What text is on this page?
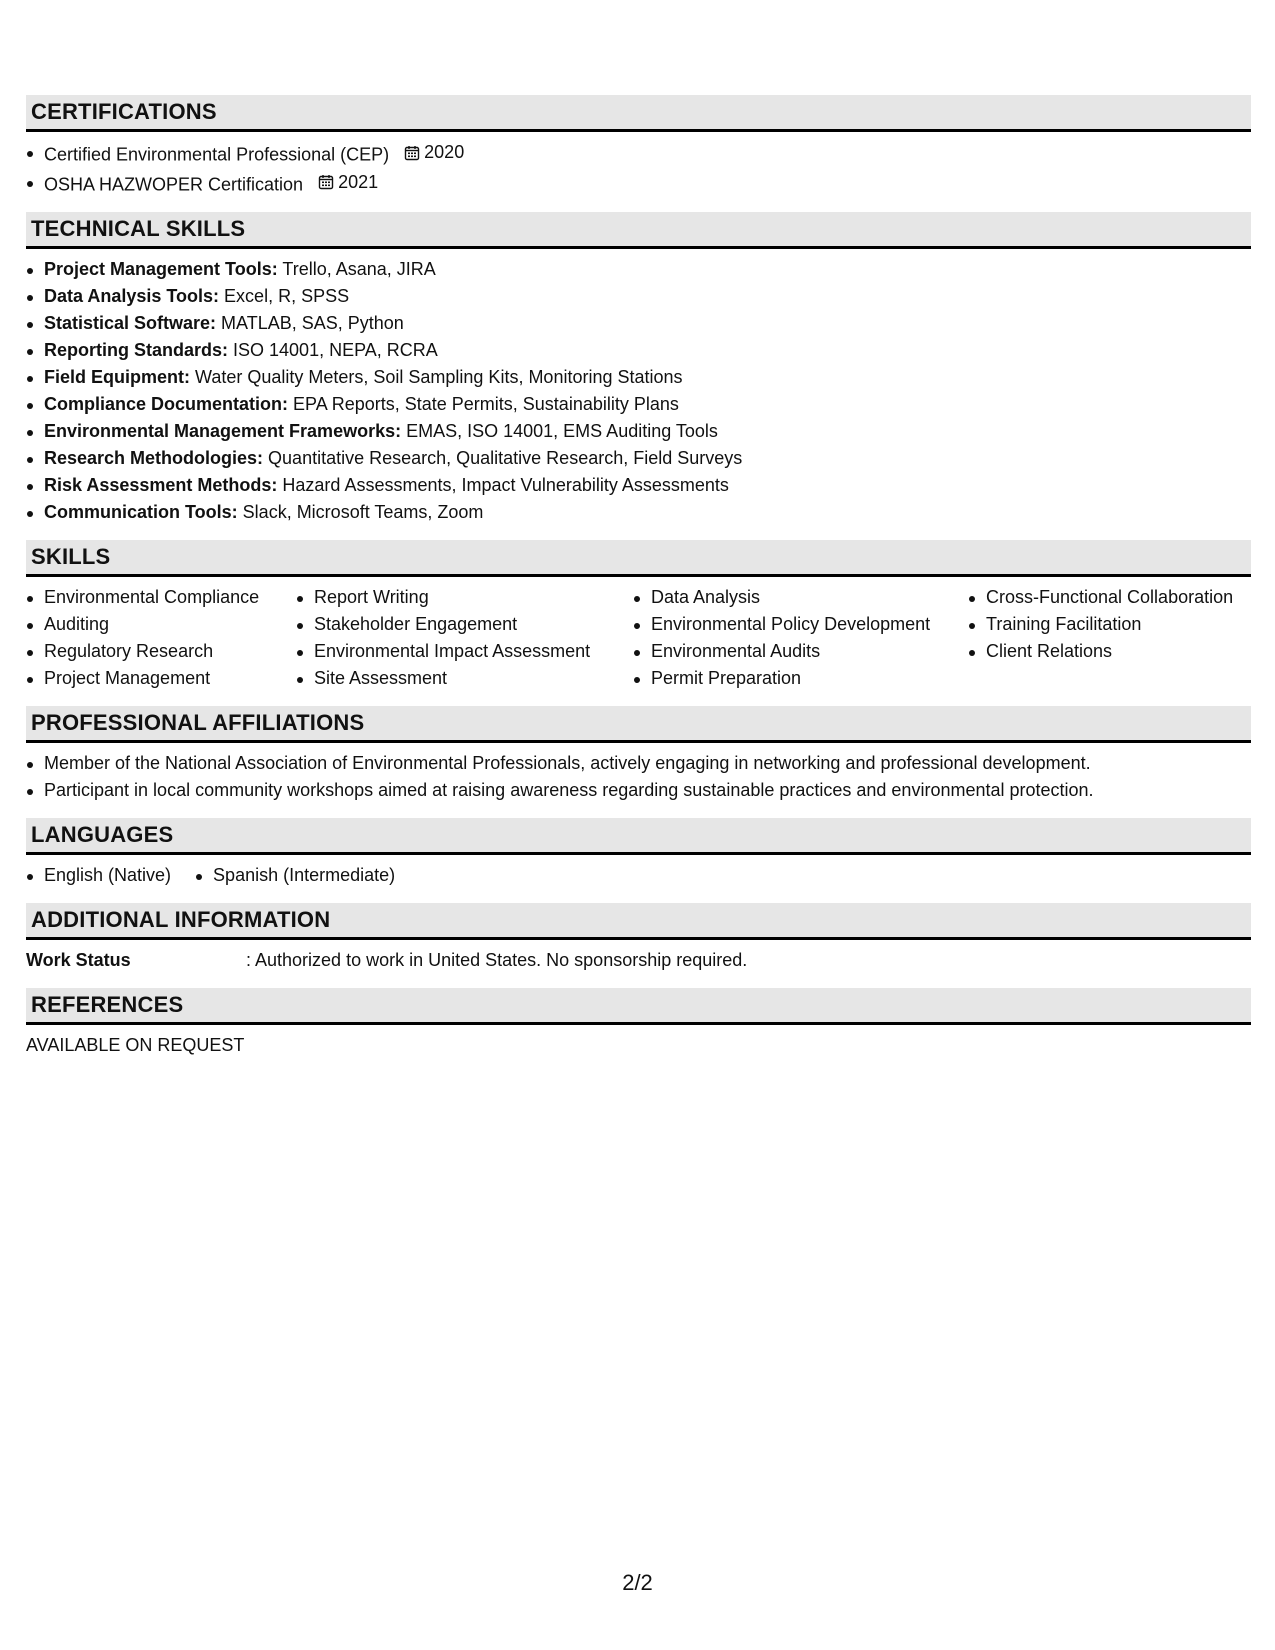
CERTIFICATIONS
Certified Environmental Professional (CEP) 2020
OSHA HAZWOPER Certification 2021
TECHNICAL SKILLS
Project Management Tools: Trello, Asana, JIRA
Data Analysis Tools: Excel, R, SPSS
Statistical Software: MATLAB, SAS, Python
Reporting Standards: ISO 14001, NEPA, RCRA
Field Equipment: Water Quality Meters, Soil Sampling Kits, Monitoring Stations
Compliance Documentation: EPA Reports, State Permits, Sustainability Plans
Environmental Management Frameworks: EMAS, ISO 14001, EMS Auditing Tools
Research Methodologies: Quantitative Research, Qualitative Research, Field Surveys
Risk Assessment Methods: Hazard Assessments, Impact Vulnerability Assessments
Communication Tools: Slack, Microsoft Teams, Zoom
SKILLS
Environmental Compliance
Auditing
Regulatory Research
Project Management
Report Writing
Stakeholder Engagement
Environmental Impact Assessment
Site Assessment
Data Analysis
Environmental Policy Development
Environmental Audits
Permit Preparation
Cross-Functional Collaboration
Training Facilitation
Client Relations
PROFESSIONAL AFFILIATIONS
Member of the National Association of Environmental Professionals, actively engaging in networking and professional development.
Participant in local community workshops aimed at raising awareness regarding sustainable practices and environmental protection.
LANGUAGES
English (Native)	Spanish (Intermediate)
ADDITIONAL INFORMATION
Work Status	: Authorized to work in United States. No sponsorship required.
REFERENCES
AVAILABLE ON REQUEST
2/2
